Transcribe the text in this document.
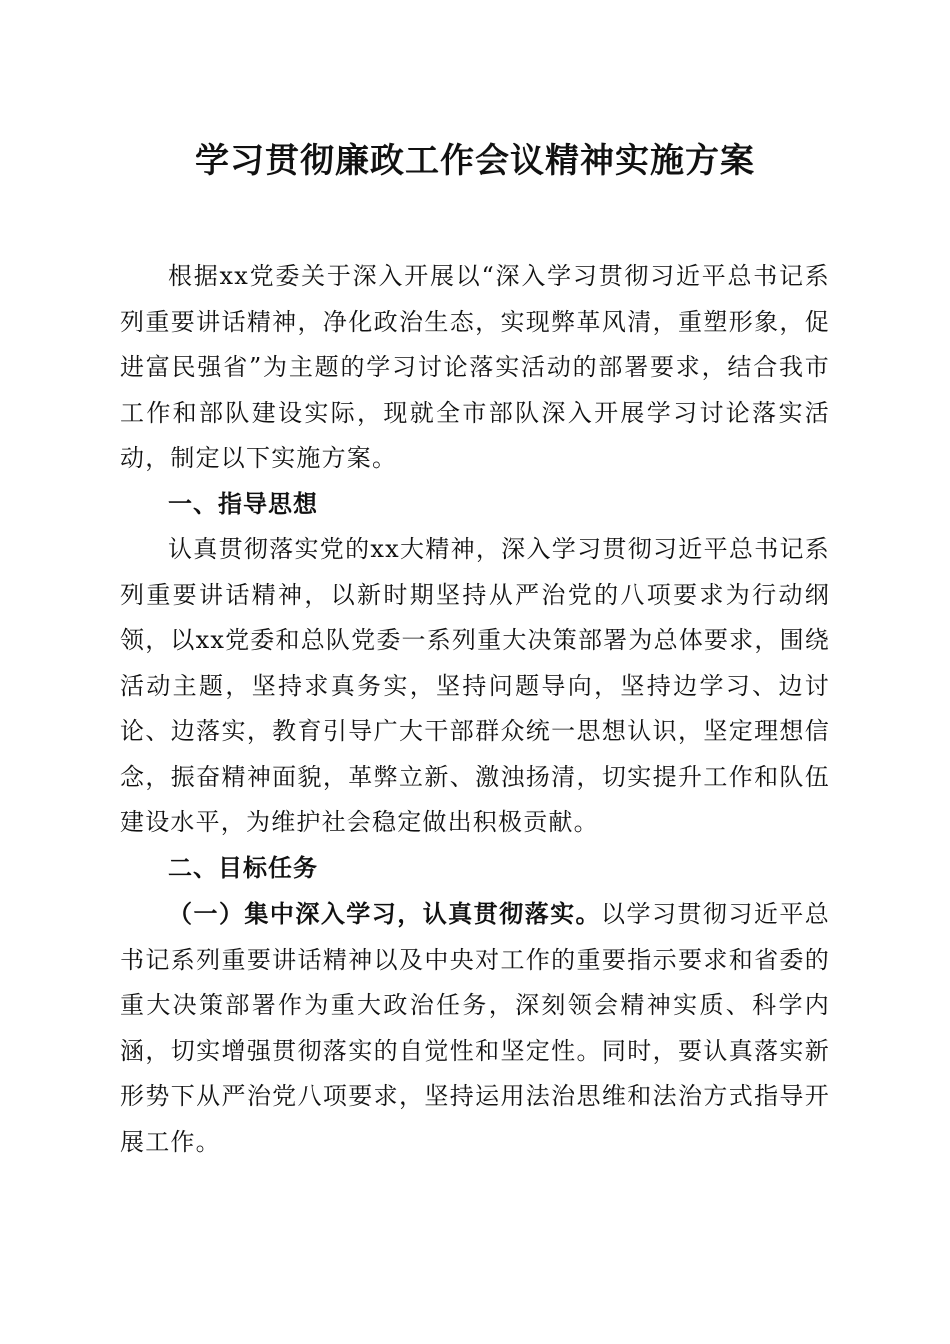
学习贯彻廉政工作会议精神实施方案

根据xx党委关于深入开展以“深入学习贯彻习近平总书记系列重要讲话精神，净化政治生态，实现弊革风清，重塑形象，促进富民强省”为主题的学习讨论落实活动的部署要求，结合我市工作和部队建设实际，现就全市部队深入开展学习讨论落实活动，制定以下实施方案。

一、指导思想

认真贯彻落实党的xx大精神，深入学习贯彻习近平总书记系列重要讲话精神，以新时期坚持从严治党的八项要求为行动纲领，以xx党委和总队党委一系列重大决策部署为总体要求，围绕活动主题，坚持求真务实，坚持问题导向，坚持边学习、边讨论、边落实，教育引导广大干部群众统一思想认识，坚定理想信念，振奋精神面貌，革弊立新、激浊扬清，切实提升工作和队伍建设水平，为维护社会稳定做出积极贡献。

二、目标任务

（一）集中深入学习，认真贯彻落实。以学习贯彻习近平总书记系列重要讲话精神以及中央对工作的重要指示要求和省委的重大决策部署作为重大政治任务，深刻领会精神实质、科学内涵，切实增强贯彻落实的自觉性和坚定性。同时，要认真落实新形势下从严治党八项要求，坚持运用法治思维和法治方式指导开展工作。
